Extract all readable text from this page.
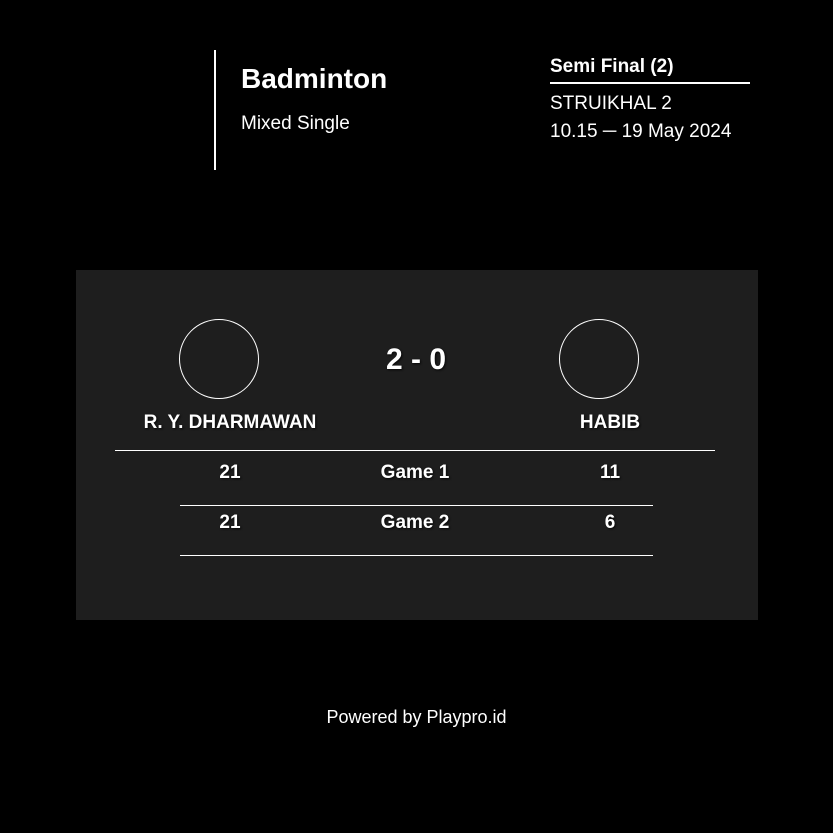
Badminton
Mixed Single
Semi Final (2)
STRUIKHAL 2
10.15 ─ 19 May 2024
2 - 0
R. Y. DHARMAWAN	HABIB
21	Game 1	11
21	Game 2	6
Powered by Playpro.id
